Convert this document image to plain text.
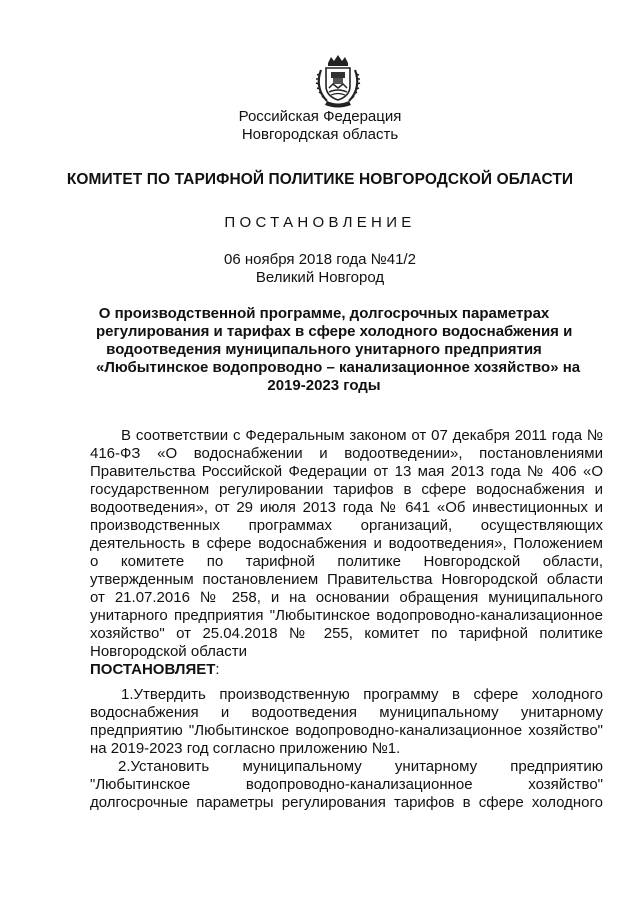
Российская Федерация
Новгородская область
КОМИТЕТ ПО ТАРИФНОЙ ПОЛИТИКЕ НОВГОРОДСКОЙ ОБЛАСТИ
ПОСТАНОВЛЕНИЕ
06 ноября 2018 года №41/2
Великий Новгород
О производственной программе, долгосрочных параметрах
регулирования и тарифах в сфере холодного водоснабжения и
водоотведения муниципального унитарного предприятия
«Любытинское водопроводно – канализационное хозяйство» на
2019-2023 годы
В соответствии с Федеральным законом от 07 декабря 2011 года №
416-ФЗ «О водоснабжении и водоотведении», постановлениями
Правительства Российской Федерации от 13 мая 2013 года № 406 «О
государственном регулировании тарифов в сфере водоснабжения и
водоотведения», от 29 июля 2013 года № 641 «Об инвестиционных и
производственных программах организаций, осуществляющих
деятельность в сфере водоснабжения и водоотведения», Положением
о комитете по тарифной политике Новгородской области,
утвержденным постановлением Правительства Новгородской области
от 21.07.2016 № 258, и на основании обращения муниципального
унитарного предприятия "Любытинское водопроводно-канализационное
хозяйство" от 25.04.2018 № 255, комитет по тарифной политике
Новгородской области
ПОСТАНОВЛЯЕТ:
1.Утвердить производственную программу в сфере холодного
водоснабжения и водоотведения муниципальному унитарному
предприятию "Любытинское водопроводно-канализационное хозяйство"
на 2019-2023 год согласно приложению №1.
2.Установить муниципальному унитарному предприятию
"Любытинское водопроводно-канализационное хозяйство"
долгосрочные параметры регулирования тарифов в сфере холодного
